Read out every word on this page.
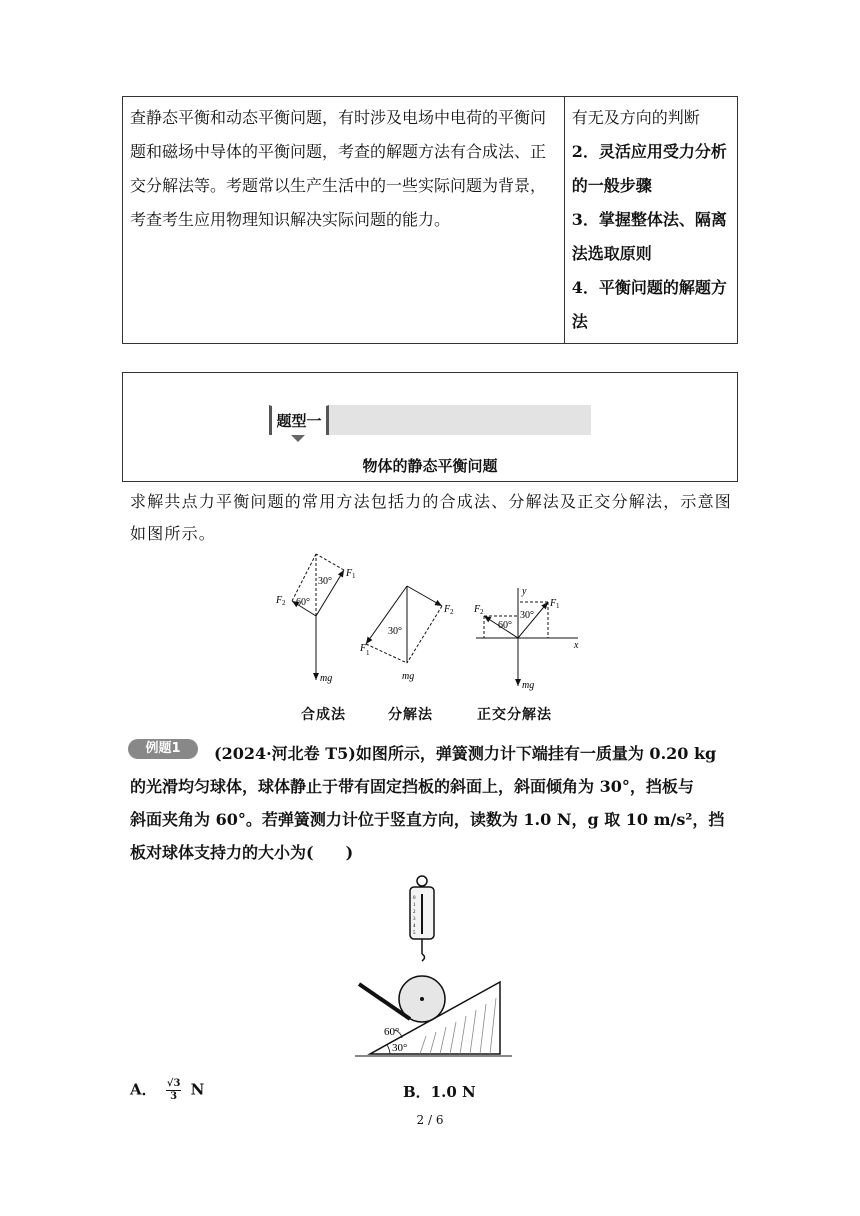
查静态平衡和动态平衡问题，有时涉及电场中电荷的平衡问题和磁场中导体的平衡问题，考查的解题方法有合成法、正交分解法等。考题常以生产生活中的一些实际问题为背景，考查考生应用物理知识解决实际问题的能力。	
有无及方向的判断
2．灵活应用受力分析的一般步骤
3．掌握整体法、隔离法选取原则
4．平衡问题的解题方法
题型一
物体的静态平衡问题
求解共点力平衡问题的常用方法包括力的合成法、分解法及正交分解法，示意图如图所示。
30°
60°
F 1
F 2
mg
30°
F 2
F 1
mg
y
x
30°
60°
F 1
F 2
mg
合成法	分解法	正交分解法
例题1	(2024·河北卷 T5)如图所示，弹簧测力计下端挂有一质量为 0.20 kg
的光滑均匀球体，球体静止于带有固定挡板的斜面上，斜面倾角为 30°，挡板与
斜面夹角为 60°。若弹簧测力计位于竖直方向，读数为 1.0 N，g 取 10 m/s²，挡
板对球体支持力的大小为(　　)
0
1
2
3
4
5
60°
30°
A． $\frac{√3}{3}$ N	B．1.0 N
2 / 6
